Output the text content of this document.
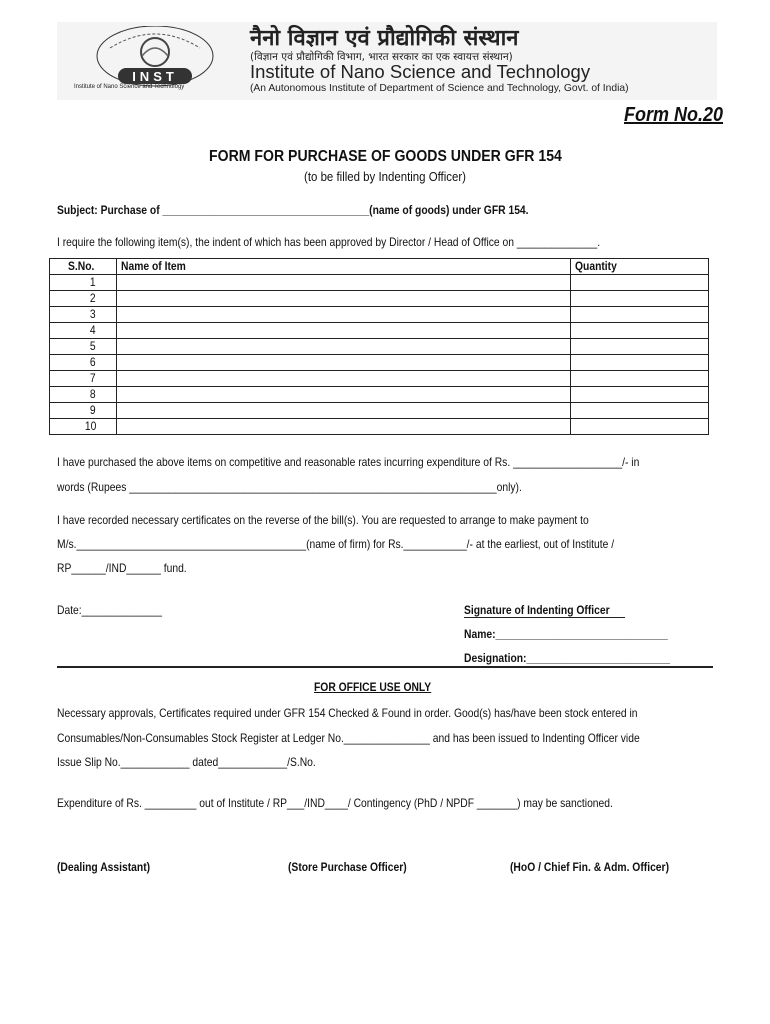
INST
Institute of Nano Science and Technology
नैनो विज्ञान एवं प्रौद्योगिकी संस्थान
(विज्ञान एवं प्रौद्योगिकी विभाग, भारत सरकार का एक स्वायत्त संस्थान)
Institute of Nano Science and Technology
(An Autonomous Institute of Department of Science and Technology, Govt. of India)
Form No.20
FORM FOR PURCHASE OF GOODS UNDER GFR 154
(to be filled by Indenting Officer)
Subject: Purchase of ____________________________________(name of goods) under GFR 154.
I require the following item(s), the indent of which has been approved by Director / Head of Office on ______________.
S.No.	Name of Item	Quantity
1		
2		
3		
4		
5		
6		
7		
8		
9		
10		
I have purchased the above items on competitive and reasonable rates incurring expenditure of Rs. ___________________/- in
words (Rupees ________________________________________________________________only).
I have recorded necessary certificates on the reverse of the bill(s). You are requested to arrange to make payment to
M/s.________________________________________(name of firm) for Rs.___________/- at the earliest, out of Institute /
RP______/IND______ fund.
Date:______________	Signature of Indenting Officer
Name:______________________________
Designation:_________________________
FOR OFFICE USE ONLY
Necessary approvals, Certificates required under GFR 154 Checked & Found in order. Good(s) has/have been stock entered in
Consumables/Non-Consumables Stock Register at Ledger No._______________ and has been issued to Indenting Officer vide
Issue Slip No.____________ dated____________/S.No.
Expenditure of Rs. _________ out of Institute / RP___/IND____/ Contingency (PhD / NPDF _______) may be sanctioned.
(Dealing Assistant)	(Store Purchase Officer)	(HoO / Chief Fin. & Adm. Officer)
